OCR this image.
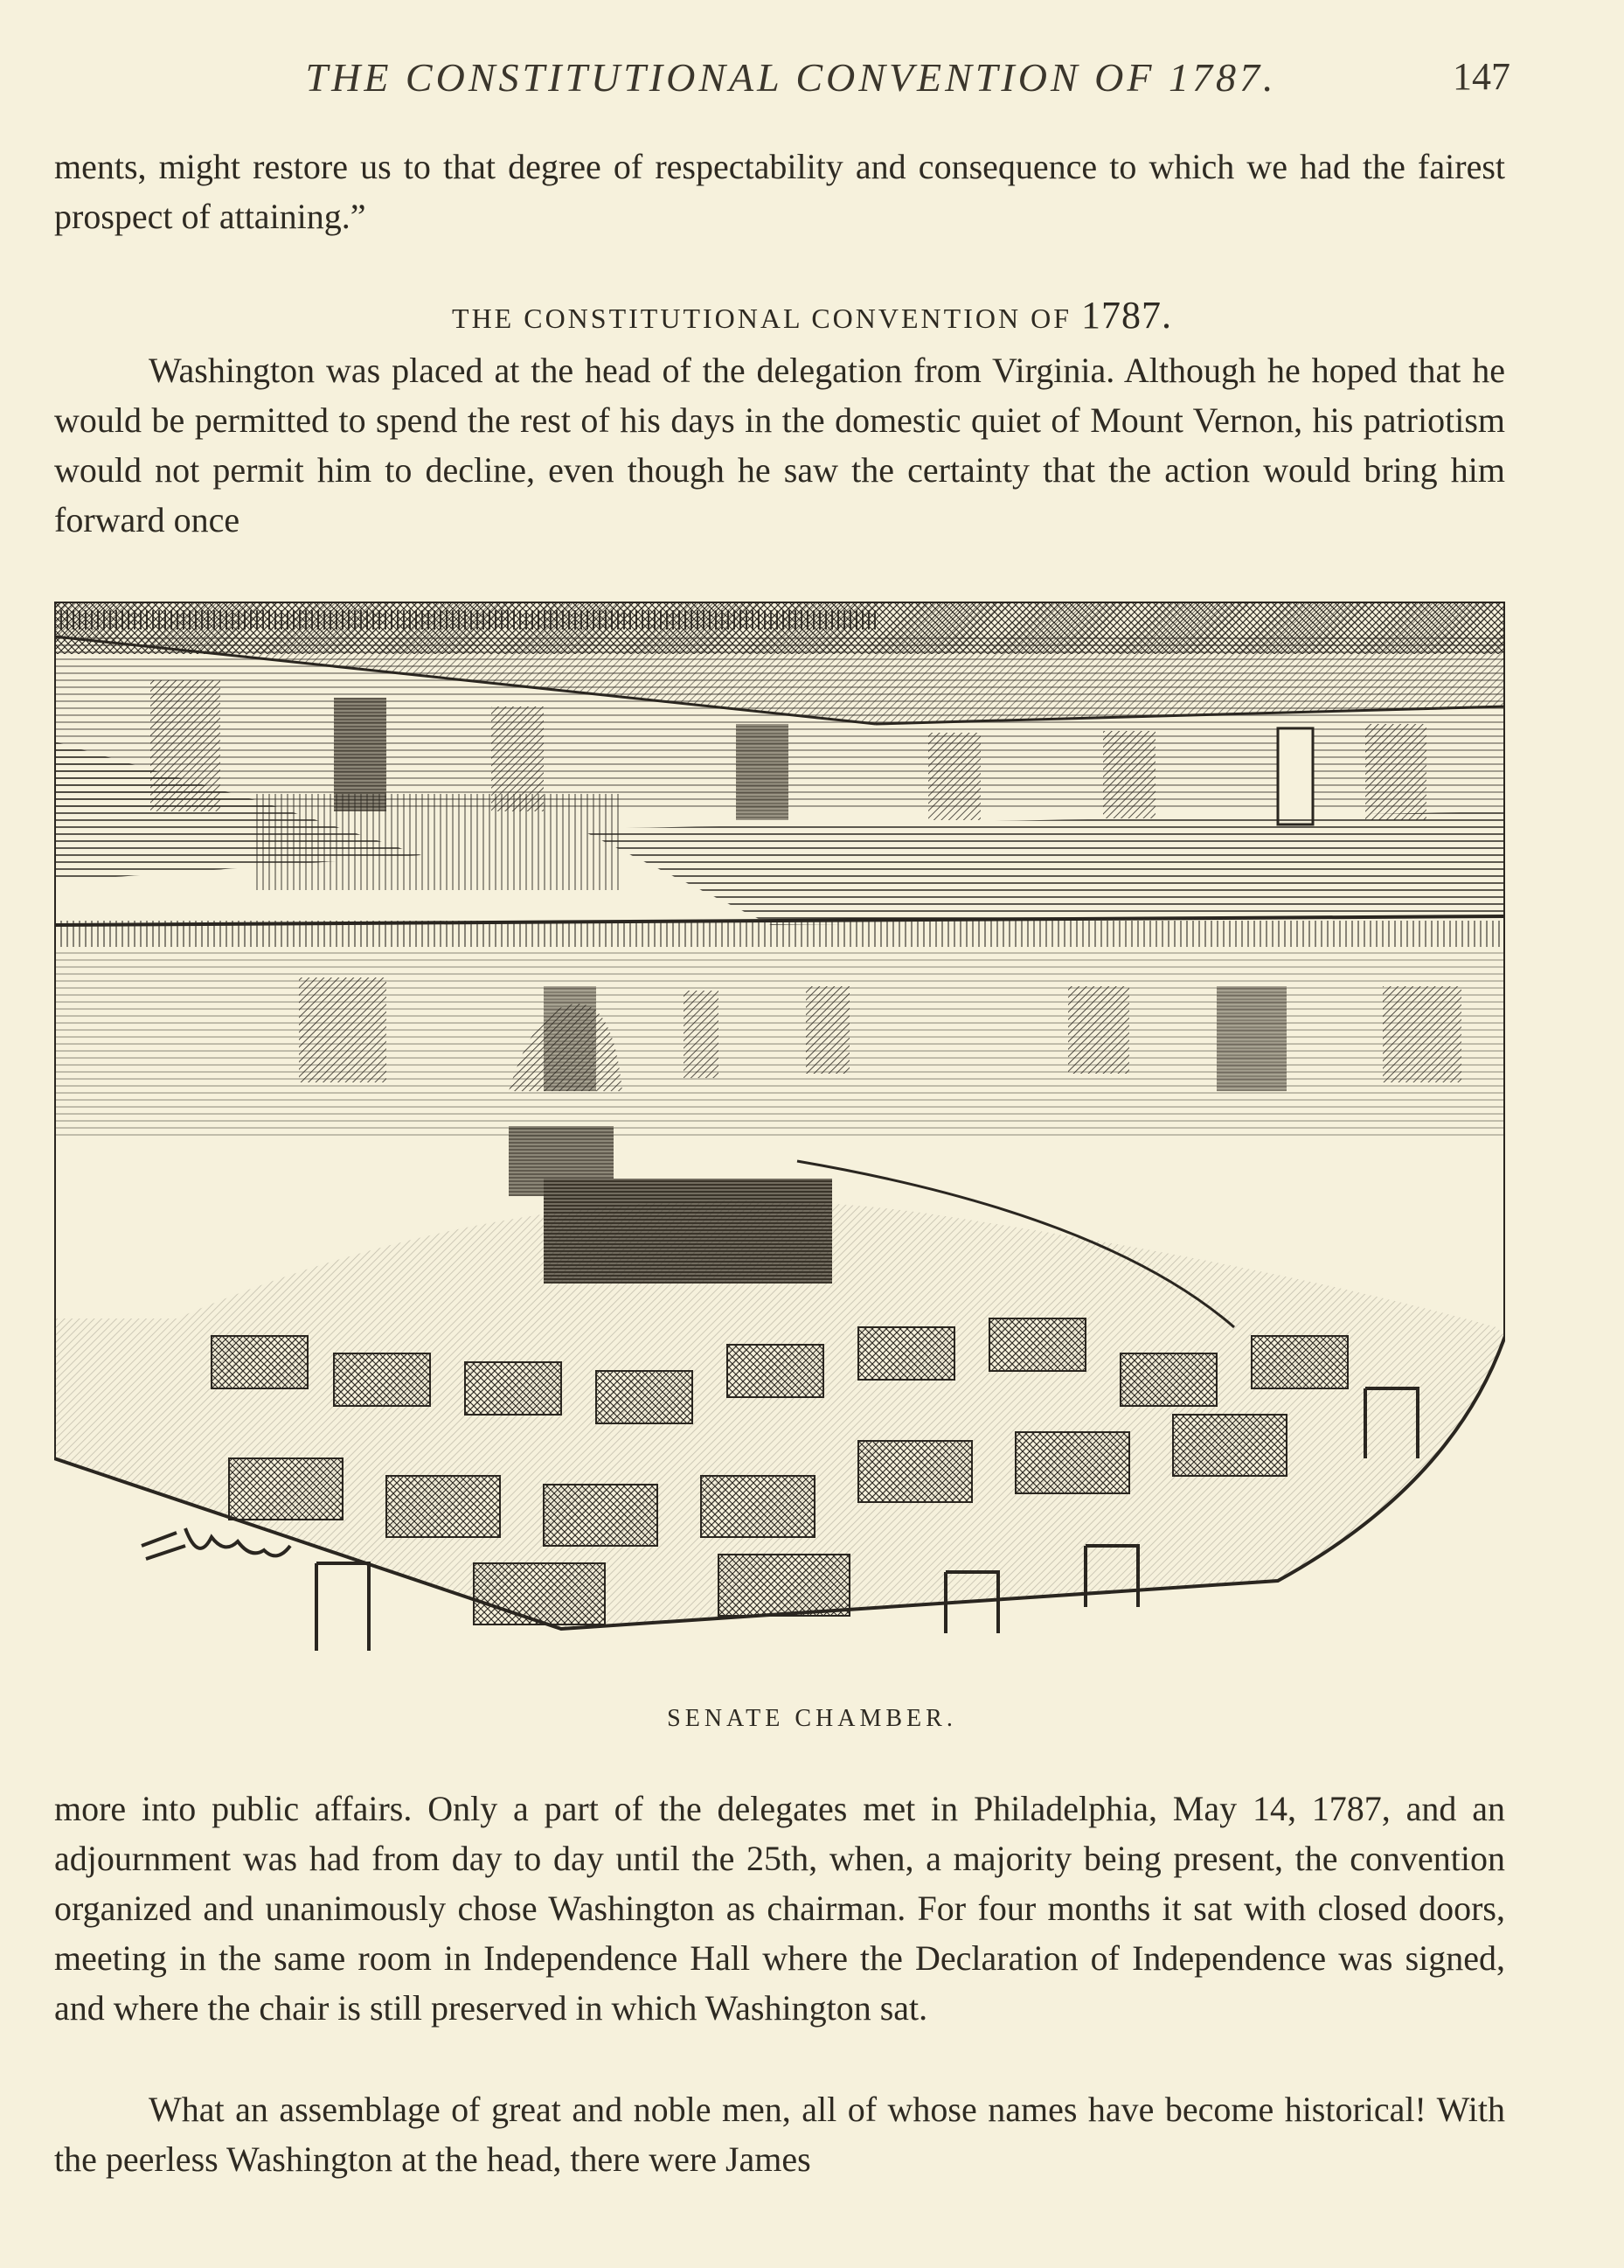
THE CONSTITUTIONAL CONVENTION OF 1787.	147
ments, might restore us to that degree of respectability and consequence to which we had the fairest prospect of attaining.”
THE CONSTITUTIONAL CONVENTION OF 1787.
Washington was placed at the head of the delegation from Virginia. Although he hoped that he would be permitted to spend the rest of his days in the domestic quiet of Mount Vernon, his patriotism would not permit him to decline, even though he saw the certainty that the action would bring him forward once
SENATE CHAMBER.
more into public affairs. Only a part of the delegates met in Philadelphia, May 14, 1787, and an adjournment was had from day to day until the 25th, when, a majority being present, the convention organized and unanimously chose Washington as chairman. For four months it sat with closed doors, meeting in the same room in Independence Hall where the Declaration of Independence was signed, and where the chair is still preserved in which Washington sat.
What an assemblage of great and noble men, all of whose names have become historical! With the peerless Washington at the head, there were James
